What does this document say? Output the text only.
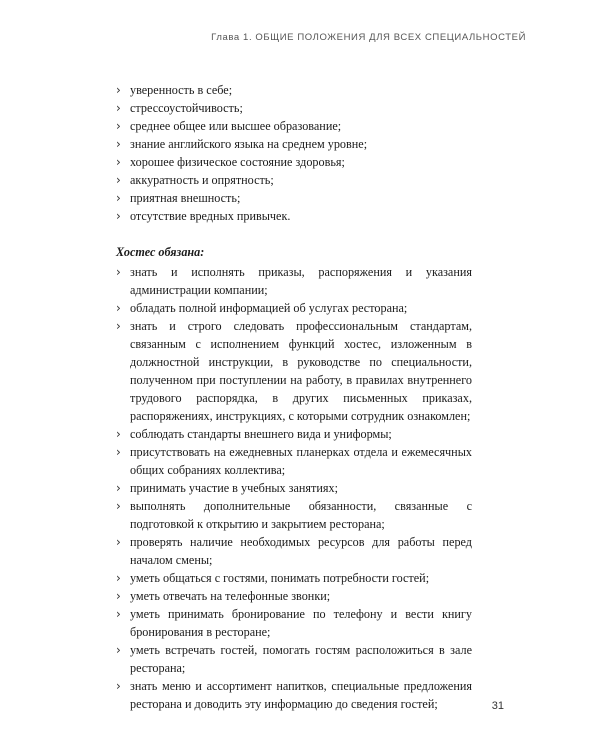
Глава 1. ОБЩИЕ ПОЛОЖЕНИЯ ДЛЯ ВСЕХ СПЕЦИАЛЬНОСТЕЙ
› уверенность в себе;
› стрессоустойчивость;
› среднее общее или высшее образование;
› знание английского языка на среднем уровне;
› хорошее физическое состояние здоровья;
› аккуратность и опрятность;
› приятная внешность;
› отсутствие вредных привычек.
Хостес обязана:
› знать и исполнять приказы, распоряжения и указания администрации компании;
› обладать полной информацией об услугах ресторана;
› знать и строго следовать профессиональным стандартам, связанным с исполнением функций хостес, изложенным в должностной инструкции, в руководстве по специальности, полученном при поступлении на работу, в правилах внутреннего трудового распорядка, в других письменных приказах, распоряжениях, инструкциях, с которыми сотрудник ознакомлен;
› соблюдать стандарты внешнего вида и униформы;
› присутствовать на ежедневных планерках отдела и ежемесячных общих собраниях коллектива;
› принимать участие в учебных занятиях;
› выполнять дополнительные обязанности, связанные с подготовкой к открытию и закрытием ресторана;
› проверять наличие необходимых ресурсов для работы перед началом смены;
› уметь общаться с гостями, понимать потребности гостей;
› уметь отвечать на телефонные звонки;
› уметь принимать бронирование по телефону и вести книгу бронирования в ресторане;
› уметь встречать гостей, помогать гостям расположиться в зале ресторана;
› знать меню и ассортимент напитков, специальные предложения ресторана и доводить эту информацию до сведения гостей;	31
